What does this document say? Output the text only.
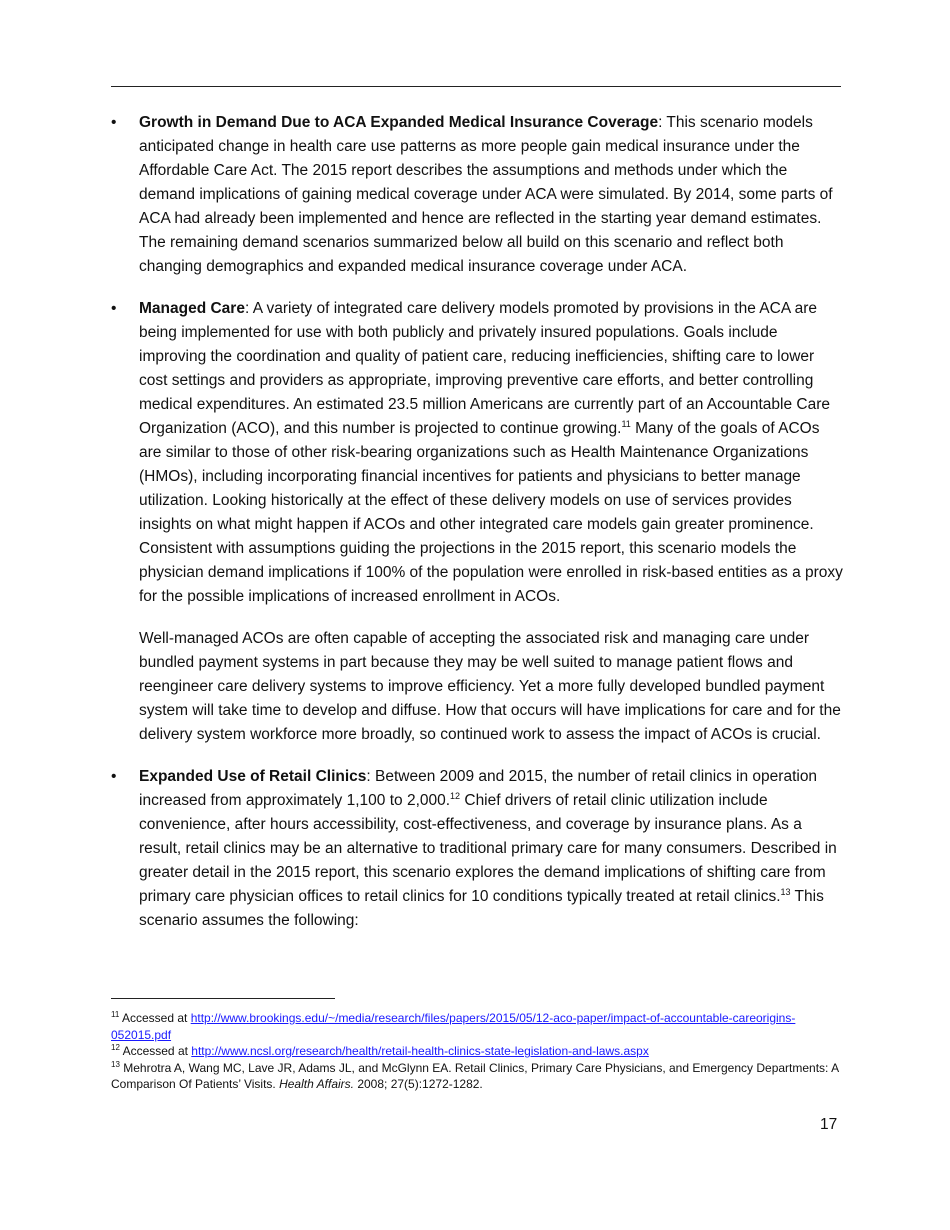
•	Growth in Demand Due to ACA Expanded Medical Insurance Coverage: This scenario models anticipated change in health care use patterns as more people gain medical insurance under the Affordable Care Act. The 2015 report describes the assumptions and methods under which the demand implications of gaining medical coverage under ACA were simulated. By 2014, some parts of ACA had already been implemented and hence are reflected in the starting year demand estimates. The remaining demand scenarios summarized below all build on this scenario and reflect both changing demographics and expanded medical insurance coverage under ACA.

•	Managed Care: A variety of integrated care delivery models promoted by provisions in the ACA are being implemented for use with both publicly and privately insured populations. Goals include improving the coordination and quality of patient care, reducing inefficiencies, shifting care to lower cost settings and providers as appropriate, improving preventive care efforts, and better controlling medical expenditures. An estimated 23.5 million Americans are currently part of an Accountable Care Organization (ACO), and this number is projected to continue growing.$^{11}$ Many of the goals of ACOs are similar to those of other risk-bearing organizations such as Health Maintenance Organizations (HMOs), including incorporating financial incentives for patients and physicians to better manage utilization. Looking historically at the effect of these delivery models on use of services provides insights on what might happen if ACOs and other integrated care models gain greater prominence. Consistent with assumptions guiding the projections in the 2015 report, this scenario models the physician demand implications if 100% of the population were enrolled in risk-based entities as a proxy for the possible implications of increased enrollment in ACOs.

Well-managed ACOs are often capable of accepting the associated risk and managing care under bundled payment systems in part because they may be well suited to manage patient flows and reengineer care delivery systems to improve efficiency. Yet a more fully developed bundled payment system will take time to develop and diffuse. How that occurs will have implications for care and for the delivery system workforce more broadly, so continued work to assess the impact of ACOs is crucial.

•	Expanded Use of Retail Clinics: Between 2009 and 2015, the number of retail clinics in operation increased from approximately 1,100 to 2,000.12 Chief drivers of retail clinic utilization include convenience, after hours accessibility, cost-effectiveness, and coverage by insurance plans. As a result, retail clinics may be an alternative to traditional primary care for many consumers. Described in greater detail in the 2015 report, this scenario explores the demand implications of shifting care from primary care physician offices to retail clinics for 10 conditions typically treated at retail clinics.$^{13}$ This scenario assumes the following:

$^{11}$ Accessed at http://www.brookings.edu/~/media/research/files/papers/2015/05/12-aco-paper/impact-of-accountable-careorigins-052015.pdf

$^{12}$ Accessed at http://www.ncsl.org/research/health/retail-health-clinics-state-legislation-and-laws.aspx

$^{13}$ Mehrotra A, Wang MC, Lave JR, Adams JL, and McGlynn EA. Retail Clinics, Primary Care Physicians, and Emergency Departments: A Comparison Of Patients’ Visits. Health Affairs. 2008; 27(5):1272-1282.

17
